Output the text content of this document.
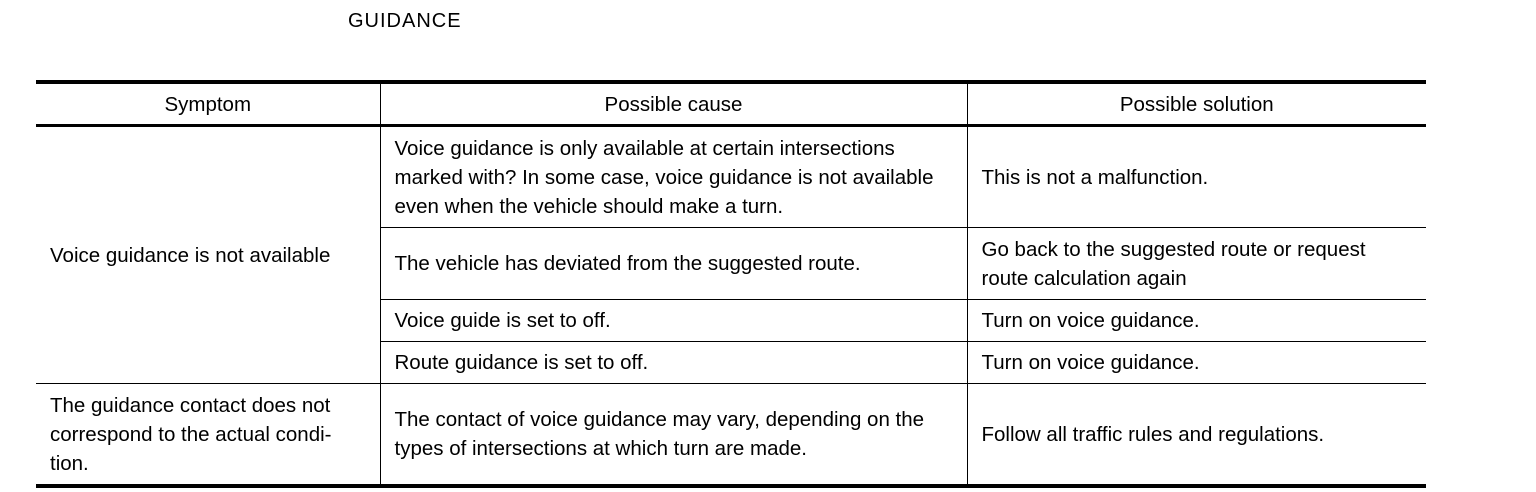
GUIDANCE
Symptom	Possible cause	Possible solution
Voice guidance is not available	Voice guidance is only available at certain intersections marked with? In some case, voice guidance is not available even when the vehicle should make a turn.	This is not a malfunction.
	The vehicle has deviated from the suggested route.	Go back to the suggested route or request route calculation again
	Voice guide is set to off.	Turn on voice guidance.
	Route guidance is set to off.	Turn on voice guidance.
The guidance contact does not correspond to the actual condi-tion.	The contact of voice guidance may vary, depending on the types of intersections at which turn are made.	Follow all traffic rules and regulations.
